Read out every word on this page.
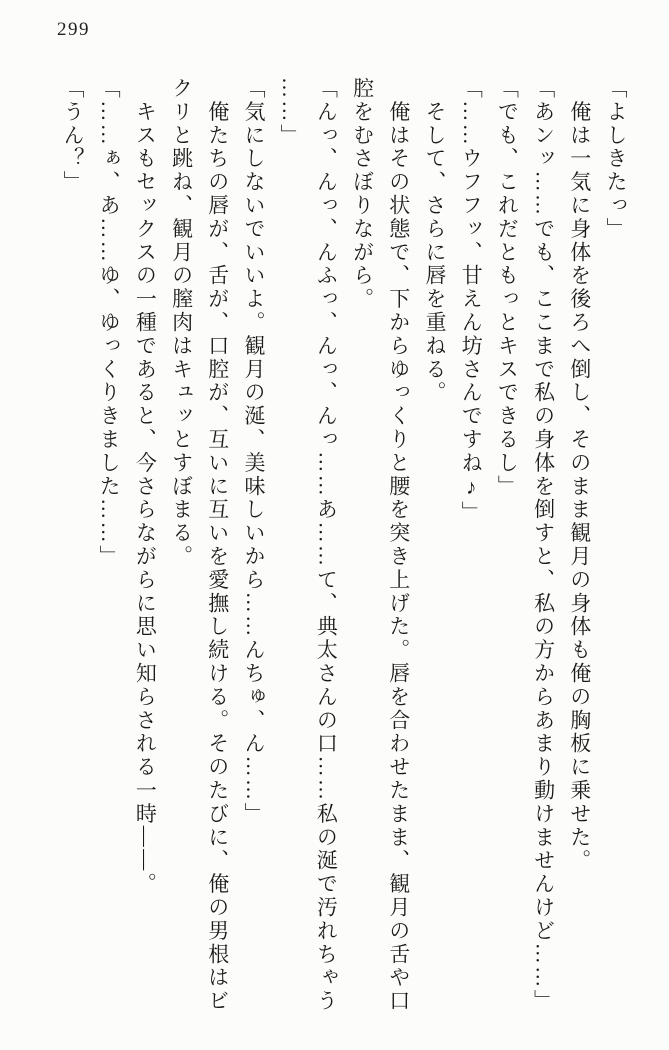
299
「よしきたっ」
　俺は一気に身体を後ろへ倒し、そのまま観月の身体も俺の胸板に乗せた。
「あンッ……でも、ここまで私の身体を倒すと、私の方からあまり動けませんけど……」
「でも、これだともっとキスできるし」
「……ウフフッ、甘えん坊さんですね♪」
　そして、さらに唇を重ねる。
　俺はその状態で、下からゆっくりと腰を突き上げた。唇を合わせたまま、観月の舌や口
腔をむさぼりながら。
「んっ、んっ、んふっ、んっ、んっ……あ……て、典太さんの口……私の涎で汚れちゃう
……」
「気にしないでいいよ。観月の涎、美味しいから……んちゅ、ん……」
　俺たちの唇が、舌が、口腔が、互いに互いを愛撫し続ける。そのたびに、俺の男根はビ
クリと跳ね、観月の膣肉はキュッとすぼまる。
　キスもセックスの一種であると、今さらながらに思い知らされる一時――。
「……ぁ、あ……ゆ、ゆっくりきました……」
「うん？」
